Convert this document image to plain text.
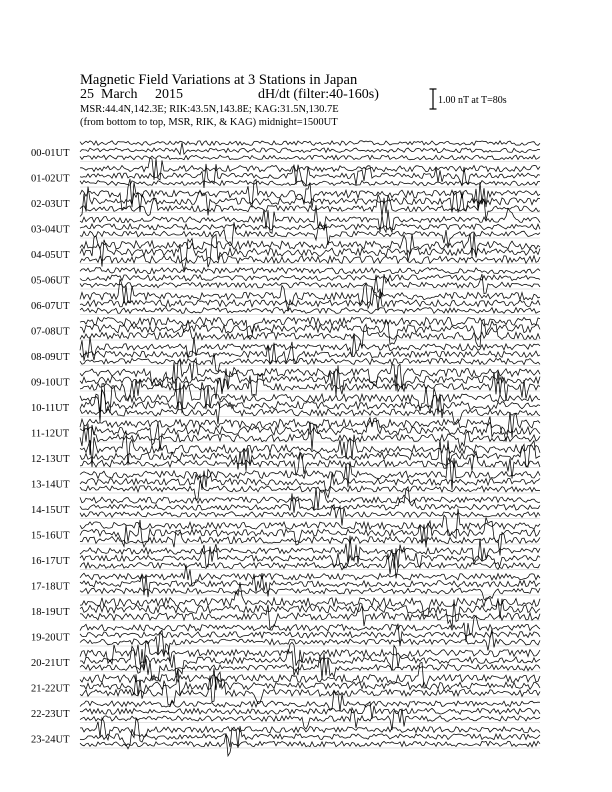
00-01UT
01-02UT
02-03UT
03-04UT
04-05UT
05-06UT
06-07UT
07-08UT
08-09UT
09-10UT
10-11UT
11-12UT
12-13UT
13-14UT
14-15UT
15-16UT
16-17UT
17-18UT
18-19UT
19-20UT
20-21UT
21-22UT
22-23UT
23-24UT
Magnetic Field Variations at 3 Stations in Japan
25 March 2015	dH/dt (filter:40-160s)
MSR:44.4N,142.3E; RIK:43.5N,143.8E; KAG:31.5N,130.7E
(from bottom to top, MSR, RIK, & KAG) midnight=1500UT
1.00 nT at T=80s
